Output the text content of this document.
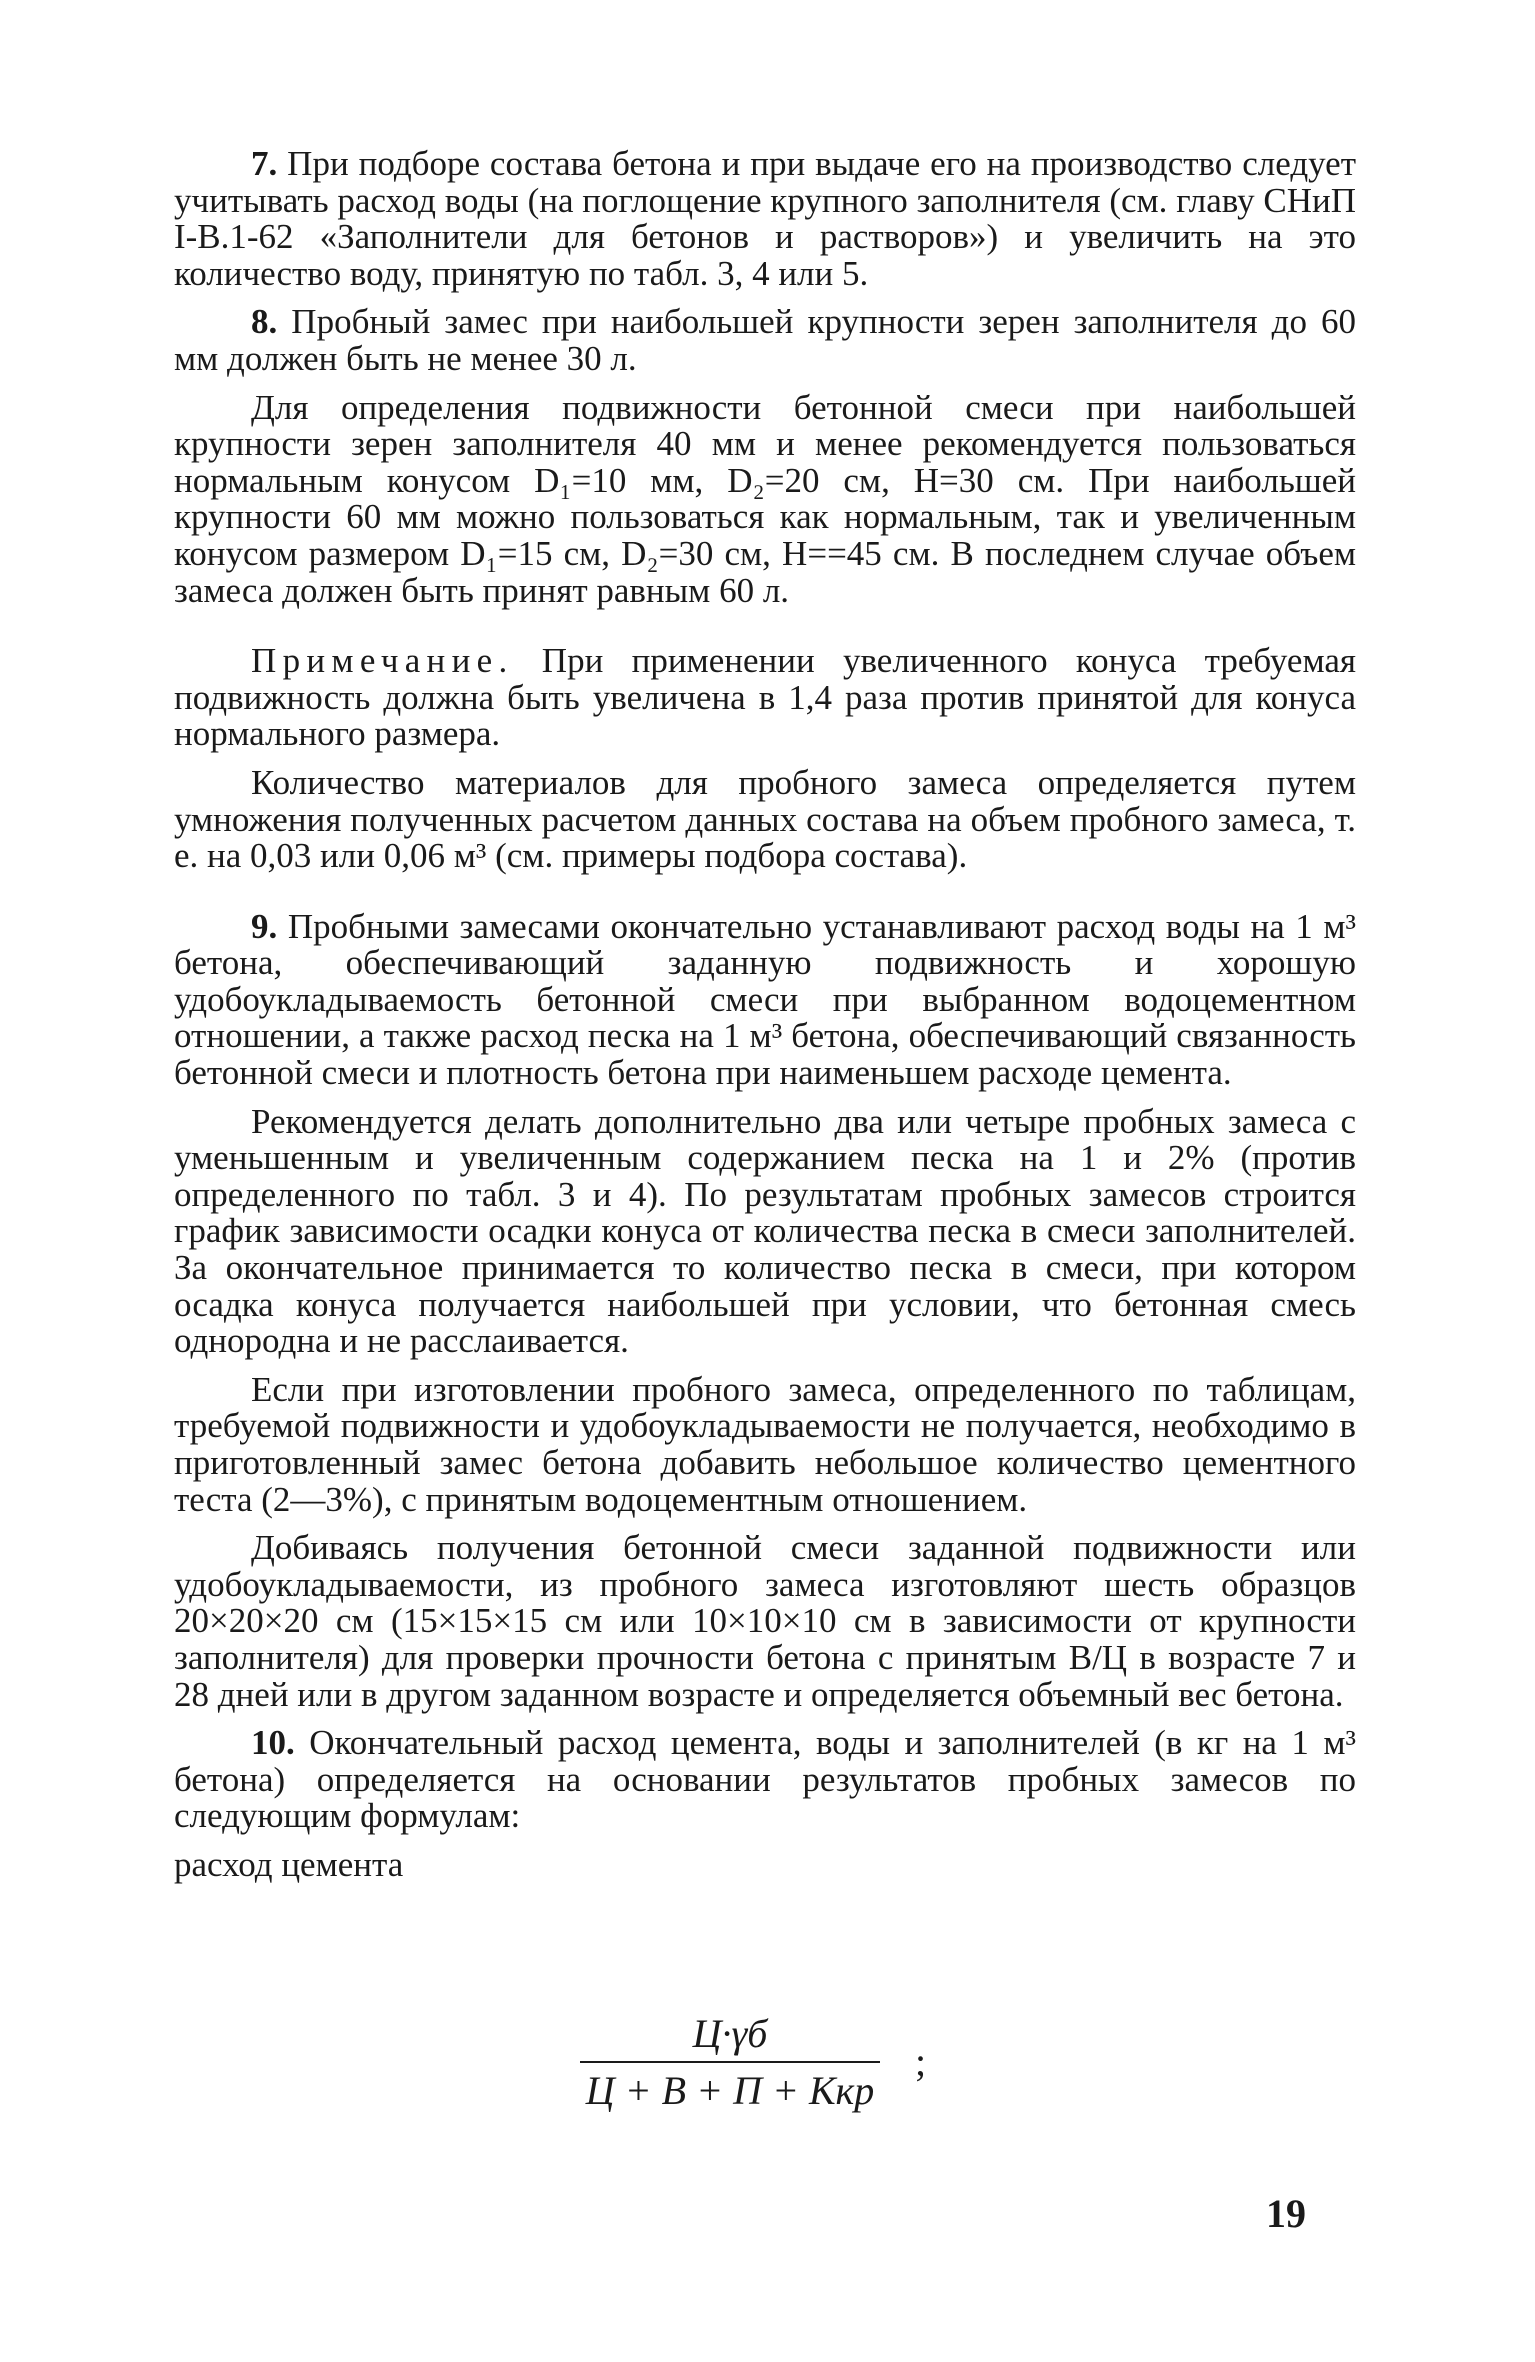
7. При подборе состава бетона и при выдаче его на производство следует учитывать расход воды (на поглощение крупного заполнителя (см. главу СНиП I-В.1-62 «Заполнители для бетонов и растворов») и увеличить на это количество воду, принятую по табл. 3, 4 или 5.

8. Пробный замес при наибольшей крупности зерен заполнителя до 60 мм должен быть не менее 30 л.

Для определения подвижности бетонной смеси при наибольшей крупности зерен заполнителя 40 мм и менее рекомендуется пользоваться нормальным конусом D₁=10 мм, D₂=20 см, H=30 см. При наибольшей крупности 60 мм можно пользоваться как нормальным, так и увеличенным конусом размером D₁=15 см, D₂=30 см, H==45 см. В последнем случае объем замеса должен быть принят равным 60 л.

Примечание. При применении увеличенного конуса требуемая подвижность должна быть увеличена в 1,4 раза против принятой для конуса нормального размера.

Количество материалов для пробного замеса определяется путем умножения полученных расчетом данных состава на объем пробного замеса, т. е. на 0,03 или 0,06 м³ (см. примеры подбора состава).

9. Пробными замесами окончательно устанавливают расход воды на 1 м³ бетона, обеспечивающий заданную подвижность и хорошую удобоукладываемость бетонной смеси при выбранном водоцементном отношении, а также расход песка на 1 м³ бетона, обеспечивающий связанность бетонной смеси и плотность бетона при наименьшем расходе цемента.

Рекомендуется делать дополнительно два или четыре пробных замеса с уменьшенным и увеличенным содержанием песка на 1 и 2% (против определенного по табл. 3 и 4). По результатам пробных замесов строится график зависимости осадки конуса от количества песка в смеси заполнителей. За окончательное принимается то количество песка в смеси, при котором осадка конуса получается наибольшей при условии, что бетонная смесь однородна и не расслаивается.

Если при изготовлении пробного замеса, определенного по таблицам, требуемой подвижности и удобоукладываемости не получается, необходимо в приготовленный замес бетона добавить небольшое количество цементного теста (2—3%), с принятым водоцементным отношением.

Добиваясь получения бетонной смеси заданной подвижности или удобоукладываемости, из пробного замеса изготовляют шесть образцов 20×20×20 см (15×15×15 см или 10×10×10 см в зависимости от крупности заполнителя) для проверки прочности бетона с принятым В/Ц в возрасте 7 и 28 дней или в другом заданном возрасте и определяется объемный вес бетона.

10. Окончательный расход цемента, воды и заполнителей (в кг на 1 м³ бетона) определяется на основании результатов пробных замесов по следующим формулам:

расход цемента

$\frac{Ц\cdot\gamma б}{\text{Ц + В + П + Ккр}}$ ;
19
